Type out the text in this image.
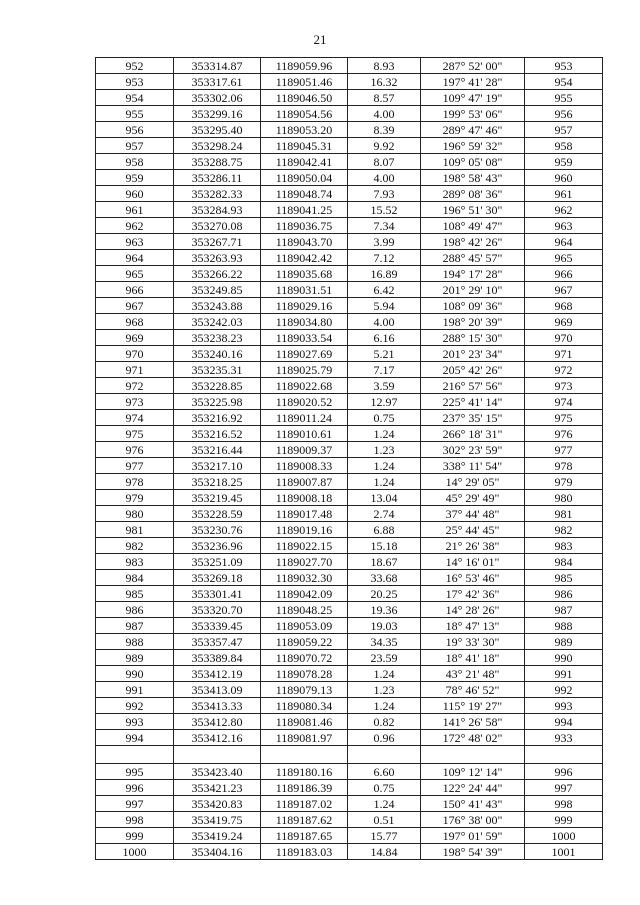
21
952	353314.87	1189059.96	8.93	287° 52' 00"	953
953	353317.61	1189051.46	16.32	197° 41' 28"	954
954	353302.06	1189046.50	8.57	109° 47' 19"	955
955	353299.16	1189054.56	4.00	199° 53' 06"	956
956	353295.40	1189053.20	8.39	289° 47' 46"	957
957	353298.24	1189045.31	9.92	196° 59' 32"	958
958	353288.75	1189042.41	8.07	109° 05' 08"	959
959	353286.11	1189050.04	4.00	198° 58' 43"	960
960	353282.33	1189048.74	7.93	289° 08' 36"	961
961	353284.93	1189041.25	15.52	196° 51' 30"	962
962	353270.08	1189036.75	7.34	108° 49' 47"	963
963	353267.71	1189043.70	3.99	198° 42' 26"	964
964	353263.93	1189042.42	7.12	288° 45' 57"	965
965	353266.22	1189035.68	16.89	194° 17' 28"	966
966	353249.85	1189031.51	6.42	201° 29' 10"	967
967	353243.88	1189029.16	5.94	108° 09' 36"	968
968	353242.03	1189034.80	4.00	198° 20' 39"	969
969	353238.23	1189033.54	6.16	288° 15' 30"	970
970	353240.16	1189027.69	5.21	201° 23' 34"	971
971	353235.31	1189025.79	7.17	205° 42' 26"	972
972	353228.85	1189022.68	3.59	216° 57' 56"	973
973	353225.98	1189020.52	12.97	225° 41' 14"	974
974	353216.92	1189011.24	0.75	237° 35' 15"	975
975	353216.52	1189010.61	1.24	266° 18' 31"	976
976	353216.44	1189009.37	1.23	302° 23' 59"	977
977	353217.10	1189008.33	1.24	338° 11' 54"	978
978	353218.25	1189007.87	1.24	14° 29' 05"	979
979	353219.45	1189008.18	13.04	45° 29' 49"	980
980	353228.59	1189017.48	2.74	37° 44' 48"	981
981	353230.76	1189019.16	6.88	25° 44' 45"	982
982	353236.96	1189022.15	15.18	21° 26' 38"	983
983	353251.09	1189027.70	18.67	14° 16' 01"	984
984	353269.18	1189032.30	33.68	16° 53' 46"	985
985	353301.41	1189042.09	20.25	17° 42' 36"	986
986	353320.70	1189048.25	19.36	14° 28' 26"	987
987	353339.45	1189053.09	19.03	18° 47' 13"	988
988	353357.47	1189059.22	34.35	19° 33' 30"	989
989	353389.84	1189070.72	23.59	18° 41' 18"	990
990	353412.19	1189078.28	1.24	43° 21' 48"	991
991	353413.09	1189079.13	1.23	78° 46' 52"	992
992	353413.33	1189080.34	1.24	115° 19' 27"	993
993	353412.80	1189081.46	0.82	141° 26' 58"	994
994	353412.16	1189081.97	0.96	172° 48' 02"	933

995	353423.40	1189180.16	6.60	109° 12' 14"	996
996	353421.23	1189186.39	0.75	122° 24' 44"	997
997	353420.83	1189187.02	1.24	150° 41' 43"	998
998	353419.75	1189187.62	0.51	176° 38' 00"	999
999	353419.24	1189187.65	15.77	197° 01' 59"	1000
1000	353404.16	1189183.03	14.84	198° 54' 39"	1001
